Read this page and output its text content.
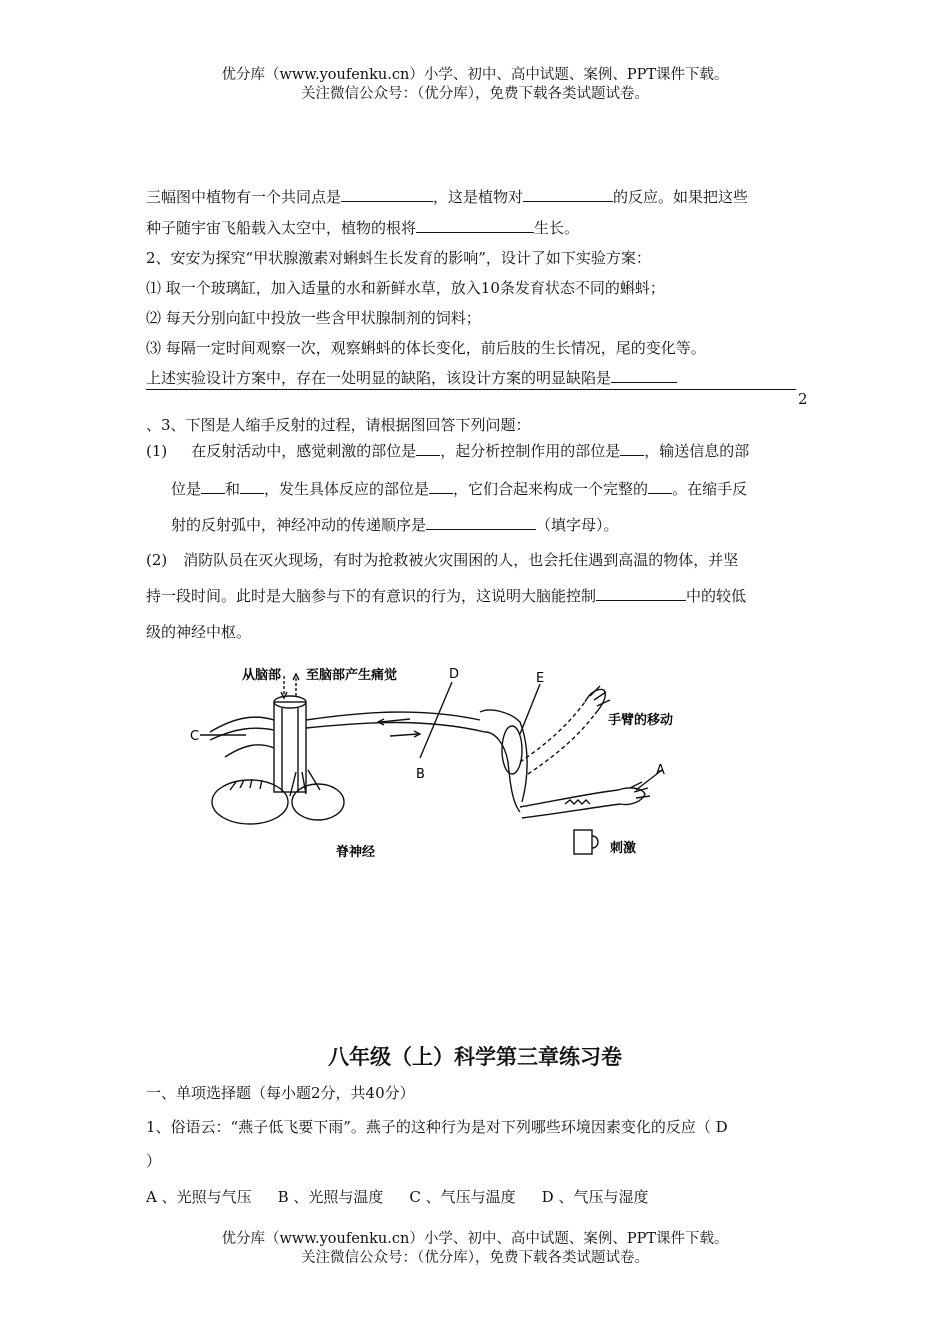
优分库（www.youfenku.cn）小学、初中、高中试题、案例、PPT课件下载。
关注微信公众号：（优分库），免费下载各类试题试卷。
三幅图中植物有一个共同点是	，这是植物对	的反应。如果把这些
种子随宇宙飞船载入太空中，植物的根将	生长。
2、安安为探究“甲状腺激素对蝌蚪生长发育的影响”，设计了如下实验方案：
⑴ 取一个玻璃缸，加入适量的水和新鲜水草，放入10条发育状态不同的蝌蚪；
⑵ 每天分别向缸中投放一些含甲状腺制剂的饲料；
⑶ 每隔一定时间观察一次，观察蝌蚪的体长变化，前后肢的生长情况，尾的变化等。
上述实验设计方案中，存在一处明显的缺陷，该设计方案的明显缺陷是
2
、3、下图是人缩手反射的过程，请根据图回答下列问题：
(1) 在反射活动中，感觉刺激的部位是 ，起分析控制作用的部位是 ，输送信息的部
位是 和 ，发生具体反应的部位是 ，它们合起来构成一个完整的 。在缩手反
射的反射弧中，神经冲动的传递顺序是	（填字母）。
(2) 消防队员在灭火现场，有时为抢救被火灾围困的人，也会托住遇到高温的物体，并坚
持一段时间。此时是大脑参与下的有意识的行为，这说明大脑能控制	中的较低
级的神经中枢。
从脑部 至脑部产生痛觉
C
D
B
E
手臂的移动
A
脊神经	刺激
八年级（上）科学第三章练习卷
一、单项选择题（每小题2分，共40分）
1、俗语云：“燕子低飞要下雨”。燕子的这种行为是对下列哪些环境因素变化的反应（ D
）
A 、光照与气压 B 、光照与温度 C 、气压与温度 D 、气压与湿度
优分库（www.youfenku.cn）小学、初中、高中试题、案例、PPT课件下载。
关注微信公众号：（优分库），免费下载各类试题试卷。
